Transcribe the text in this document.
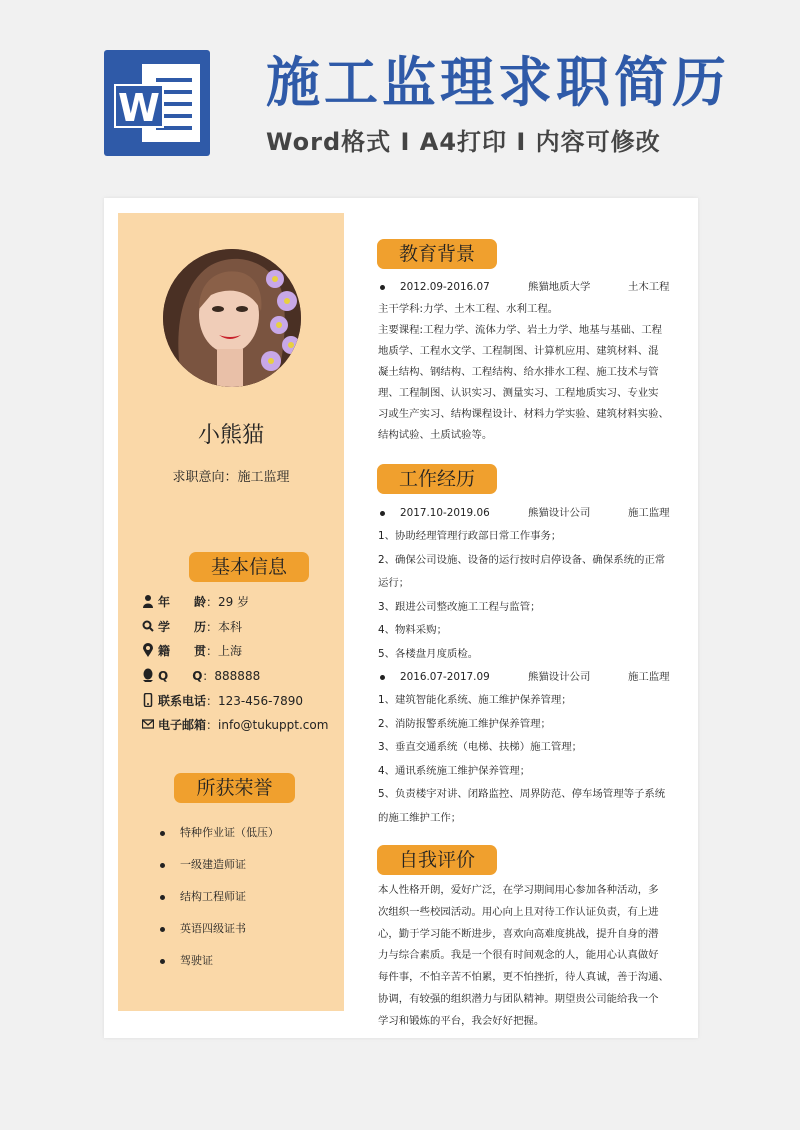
W 施工监理求职简历
Word格式 I A4打印 I 内容可修改
小熊猫
求职意向：施工监理
基本信息
年　　龄 ：29 岁
学　　历 ：本科
籍　　贯 ：上海
Q　　Q ：888888
联系电话 ：123-456-7890
电子邮箱 ：info@tukuppt.com
所获荣誉
特种作业证（低压）
一级建造师证
结构工程师证
英语四级证书
驾驶证
教育背景
2012.09-2016.07	熊猫地质大学	土木工程
主干学科:力学、土木工程、水利工程。
主要课程:工程力学、流体力学、岩土力学、地基与基础、工程
地质学、工程水文学、工程制图、计算机应用、建筑材料、混
凝土结构、钢结构、工程结构、给水排水工程、施工技术与管
理、工程制图、认识实习、测量实习、工程地质实习、专业实
习或生产实习、结构课程设计、材料力学实验、建筑材料实验、
结构试验、土质试验等。
工作经历
2017.10-2019.06	熊猫设计公司	施工监理
1、协助经理管理行政部日常工作事务；
2、确保公司设施、设备的运行按时启停设备、确保系统的正常
运行；
3、跟进公司整改施工工程与监管；
4、物料采购；
5、各楼盘月度质检。
2016.07-2017.09	熊猫设计公司	施工监理
1、建筑智能化系统、施工维护保养管理；
2、消防报警系统施工维护保养管理；
3、垂直交通系统（电梯、扶梯）施工管理；
4、通讯系统施工维护保养管理；
5、负责楼宇对讲、闭路监控、周界防范、停车场管理等子系统
的施工维护工作；
自我评价
本人性格开朗，爱好广泛，在学习期间用心参加各种活动，多
次组织一些校园活动。用心向上且对待工作认证负责，有上进
心，勤于学习能不断进步，喜欢向高难度挑战，提升自身的潜
力与综合素质。我是一个很有时间观念的人，能用心认真做好
每件事，不怕辛苦不怕累，更不怕挫折，待人真诚，善于沟通、
协调，有较强的组织潜力与团队精神。期望贵公司能给我一个
学习和锻炼的平台，我会好好把握。
